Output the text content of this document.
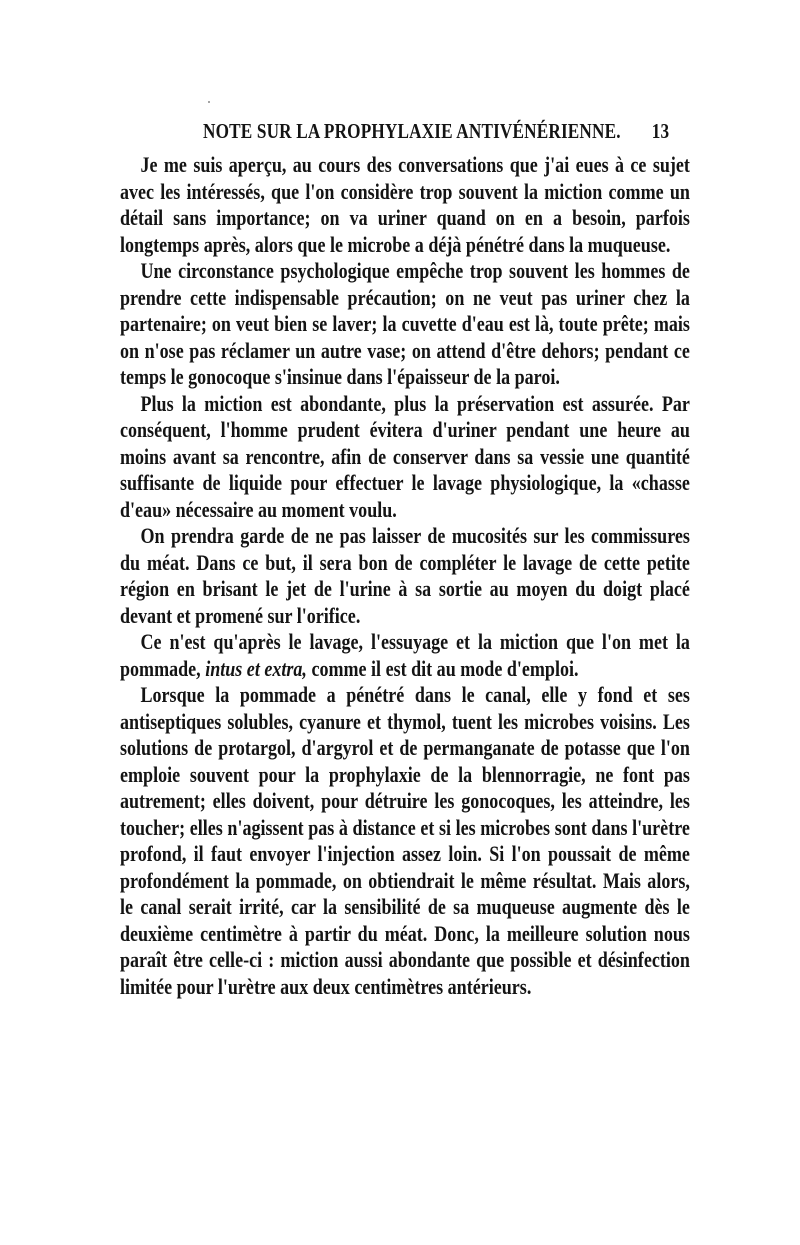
NOTE SUR LA PROPHYLAXIE ANTIVÉNÉRIENNE. 13

Je me suis aperçu, au cours des conversations que j'ai eues à ce sujet avec les intéressés, que l'on considère trop souvent la miction comme un détail sans importance; on va uriner quand on en a besoin, parfois longtemps après, alors que le microbe a déjà pénétré dans la muqueuse.

Une circonstance psychologique empêche trop souvent les hommes de prendre cette indispensable précaution; on ne veut pas uriner chez la partenaire; on veut bien se laver; la cuvette d'eau est là, toute prête; mais on n'ose pas réclamer un autre vase; on attend d'être dehors; pendant ce temps le gonocoque s'insinue dans l'épaisseur de la paroi.

Plus la miction est abondante, plus la préservation est assurée. Par conséquent, l'homme prudent évitera d'uriner pendant une heure au moins avant sa rencontre, afin de conserver dans sa vessie une quantité suffisante de liquide pour effectuer le lavage physiologique, la «chasse d'eau» nécessaire au moment voulu.

On prendra garde de ne pas laisser de mucosités sur les commissures du méat. Dans ce but, il sera bon de compléter le lavage de cette petite région en brisant le jet de l'urine à sa sortie au moyen du doigt placé devant et promené sur l'orifice.

Ce n'est qu'après le lavage, l'essuyage et la miction que l'on met la pommade, intus et extra, comme il est dit au mode d'emploi.

Lorsque la pommade a pénétré dans le canal, elle y fond et ses antiseptiques solubles, cyanure et thymol, tuent les microbes voisins. Les solutions de protargol, d'argyrol et de permanganate de potasse que l'on emploie souvent pour la prophylaxie de la blennorragie, ne font pas autrement; elles doivent, pour détruire les gonocoques, les atteindre, les toucher; elles n'agissent pas à distance et si les microbes sont dans l'urètre profond, il faut envoyer l'injection assez loin. Si l'on poussait de même profondément la pommade, on obtiendrait le même résultat. Mais alors, le canal serait irrité, car la sensibilité de sa muqueuse augmente dès le deuxième centimètre à partir du méat. Donc, la meilleure solution nous paraît être celle-ci : miction aussi abondante que possible et désinfection limitée pour l'urètre aux deux centimètres antérieurs.
